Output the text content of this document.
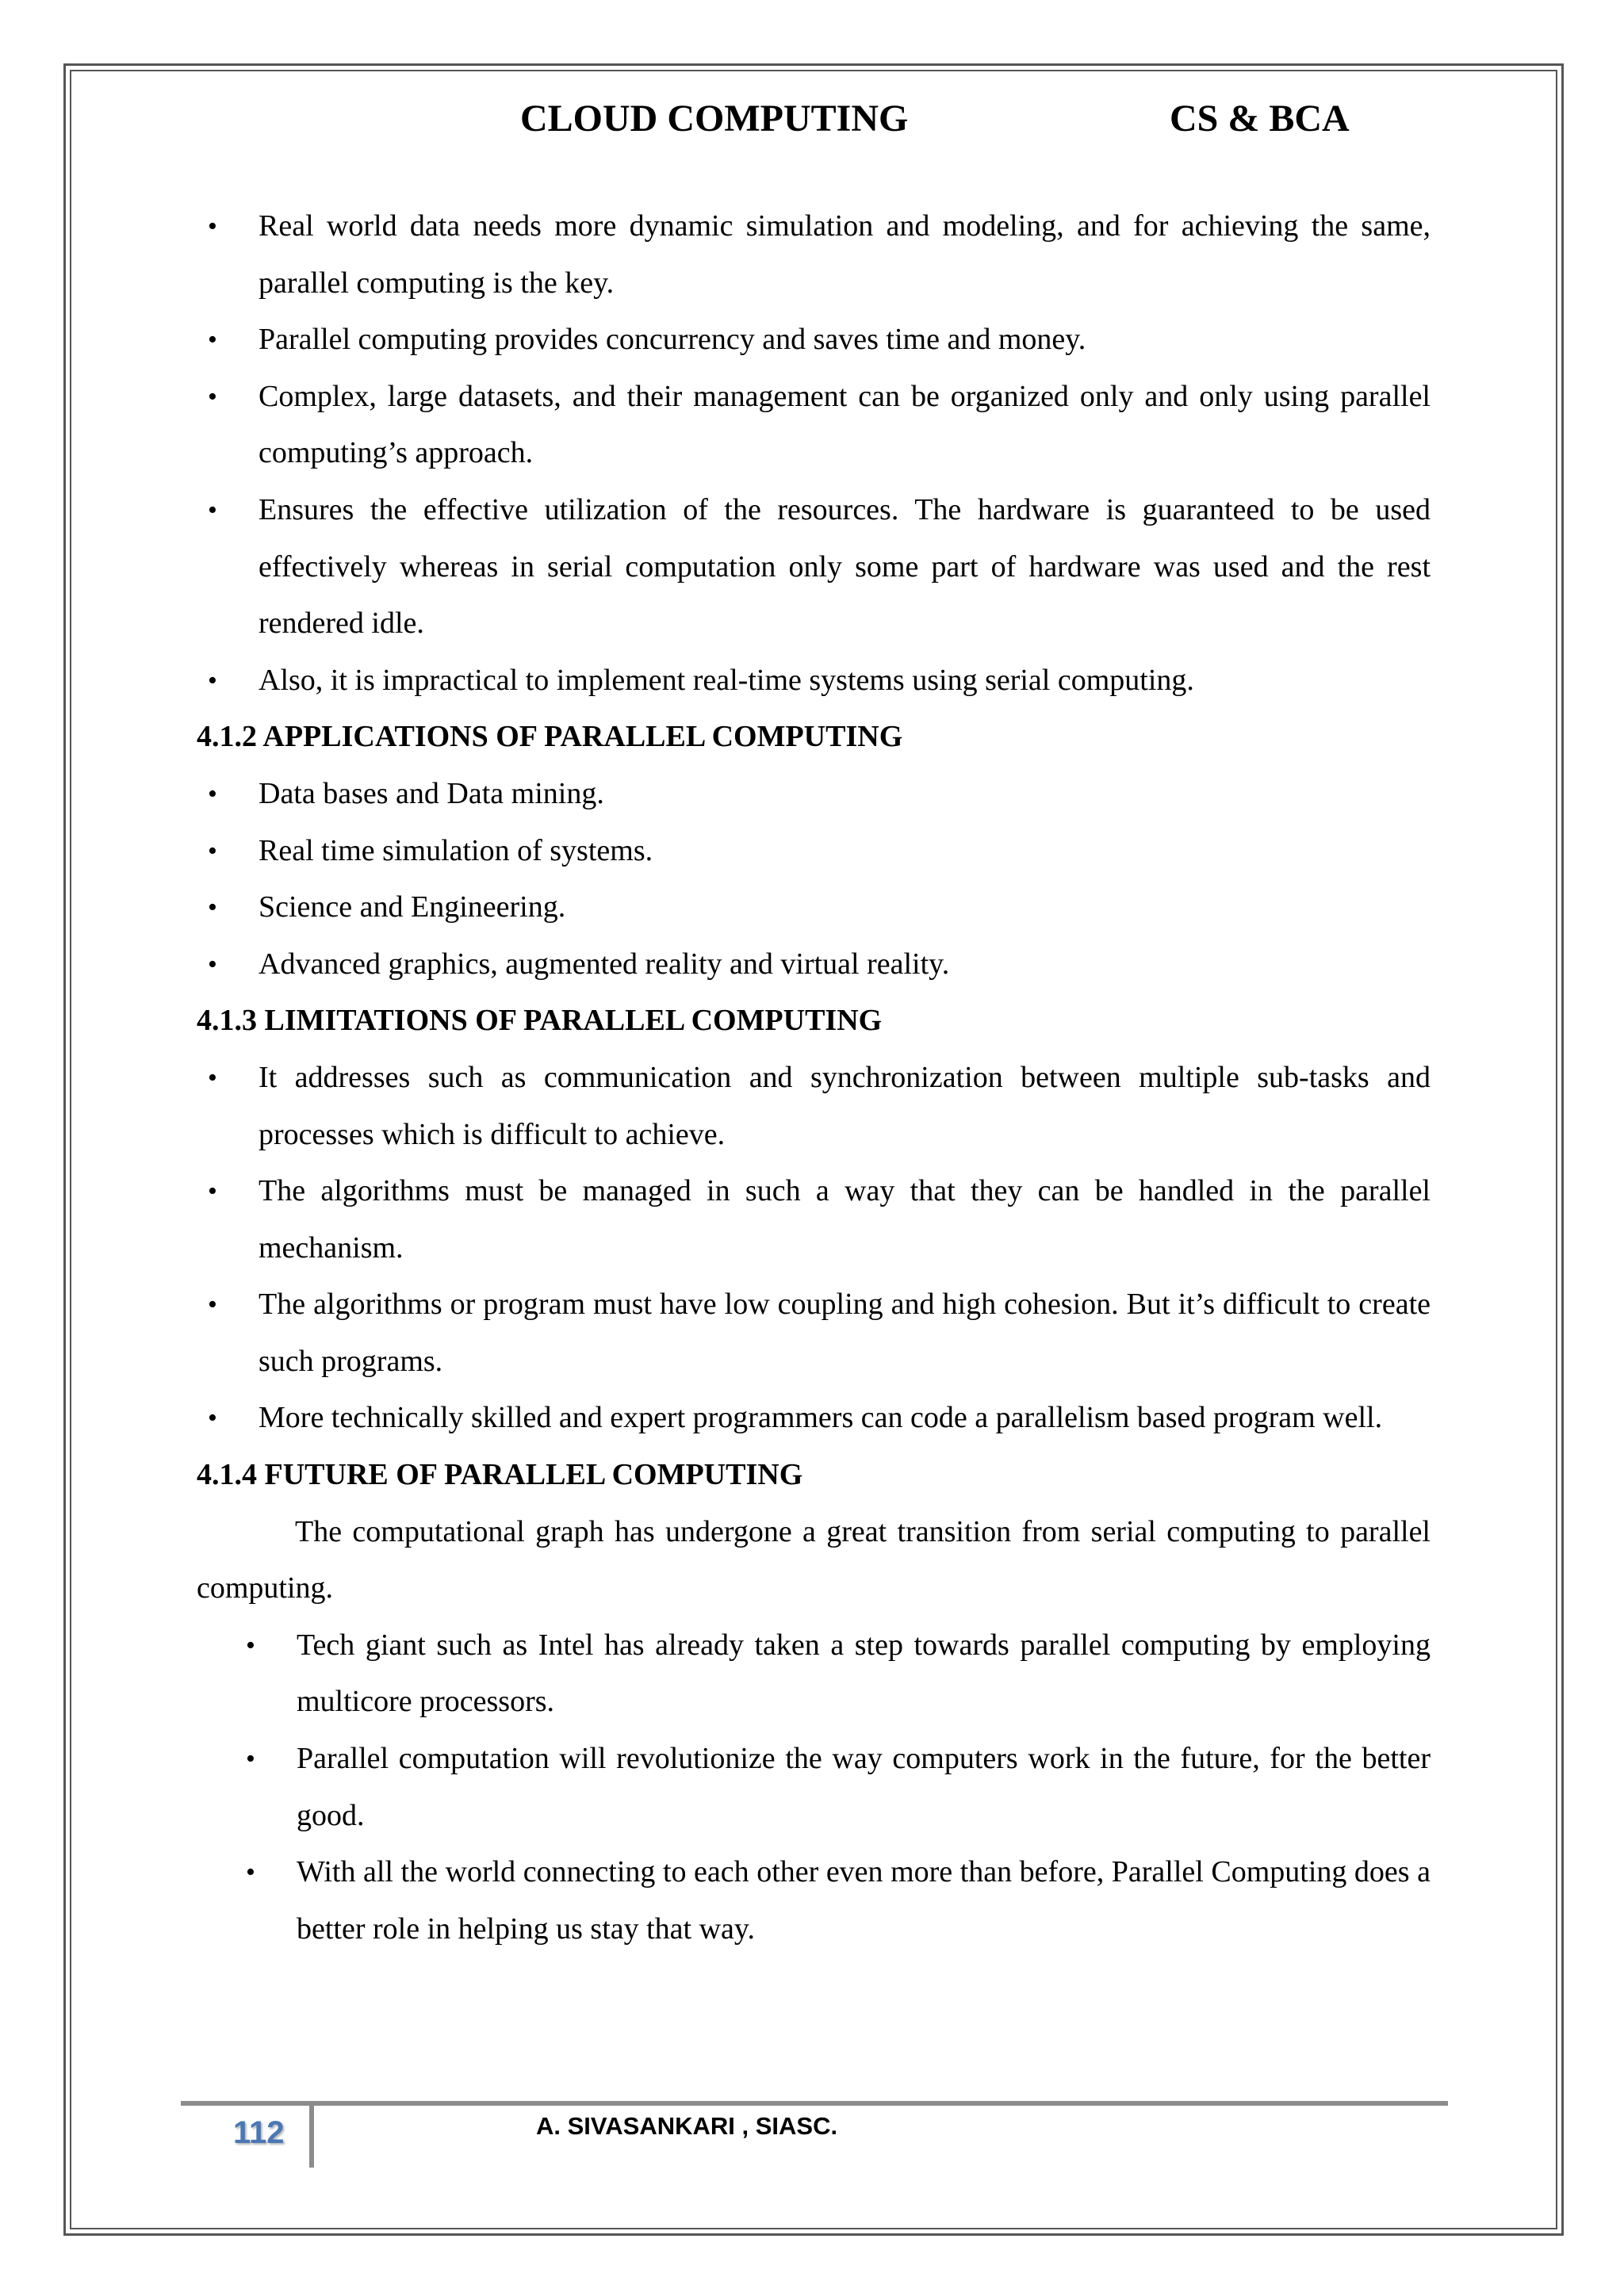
CLOUD COMPUTING	CS & BCA
• Real world data needs more dynamic simulation and modeling, and for achieving the same, parallel computing is the key.
• Parallel computing provides concurrency and saves time and money.
• Complex, large datasets, and their management can be organized only and only using parallel computing’s approach.
• Ensures the effective utilization of the resources. The hardware is guaranteed to be used effectively whereas in serial computation only some part of hardware was used and the rest rendered idle.
• Also, it is impractical to implement real-time systems using serial computing.
4.1.2 APPLICATIONS OF PARALLEL COMPUTING
• Data bases and Data mining.
• Real time simulation of systems.
• Science and Engineering.
• Advanced graphics, augmented reality and virtual reality.
4.1.3 LIMITATIONS OF PARALLEL COMPUTING
• It addresses such as communication and synchronization between multiple sub-tasks and processes which is difficult to achieve.
• The algorithms must be managed in such a way that they can be handled in the parallel mechanism.
• The algorithms or program must have low coupling and high cohesion. But it’s difficult to create such programs.
• More technically skilled and expert programmers can code a parallelism based program well.
4.1.4 FUTURE OF PARALLEL COMPUTING
The computational graph has undergone a great transition from serial computing to parallel computing.
• Tech giant such as Intel has already taken a step towards parallel computing by employing multicore processors.
• Parallel computation will revolutionize the way computers work in the future, for the better good.
• With all the world connecting to each other even more than before, Parallel Computing does a better role in helping us stay that way.
112	A. SIVASANKARI , SIASC.
